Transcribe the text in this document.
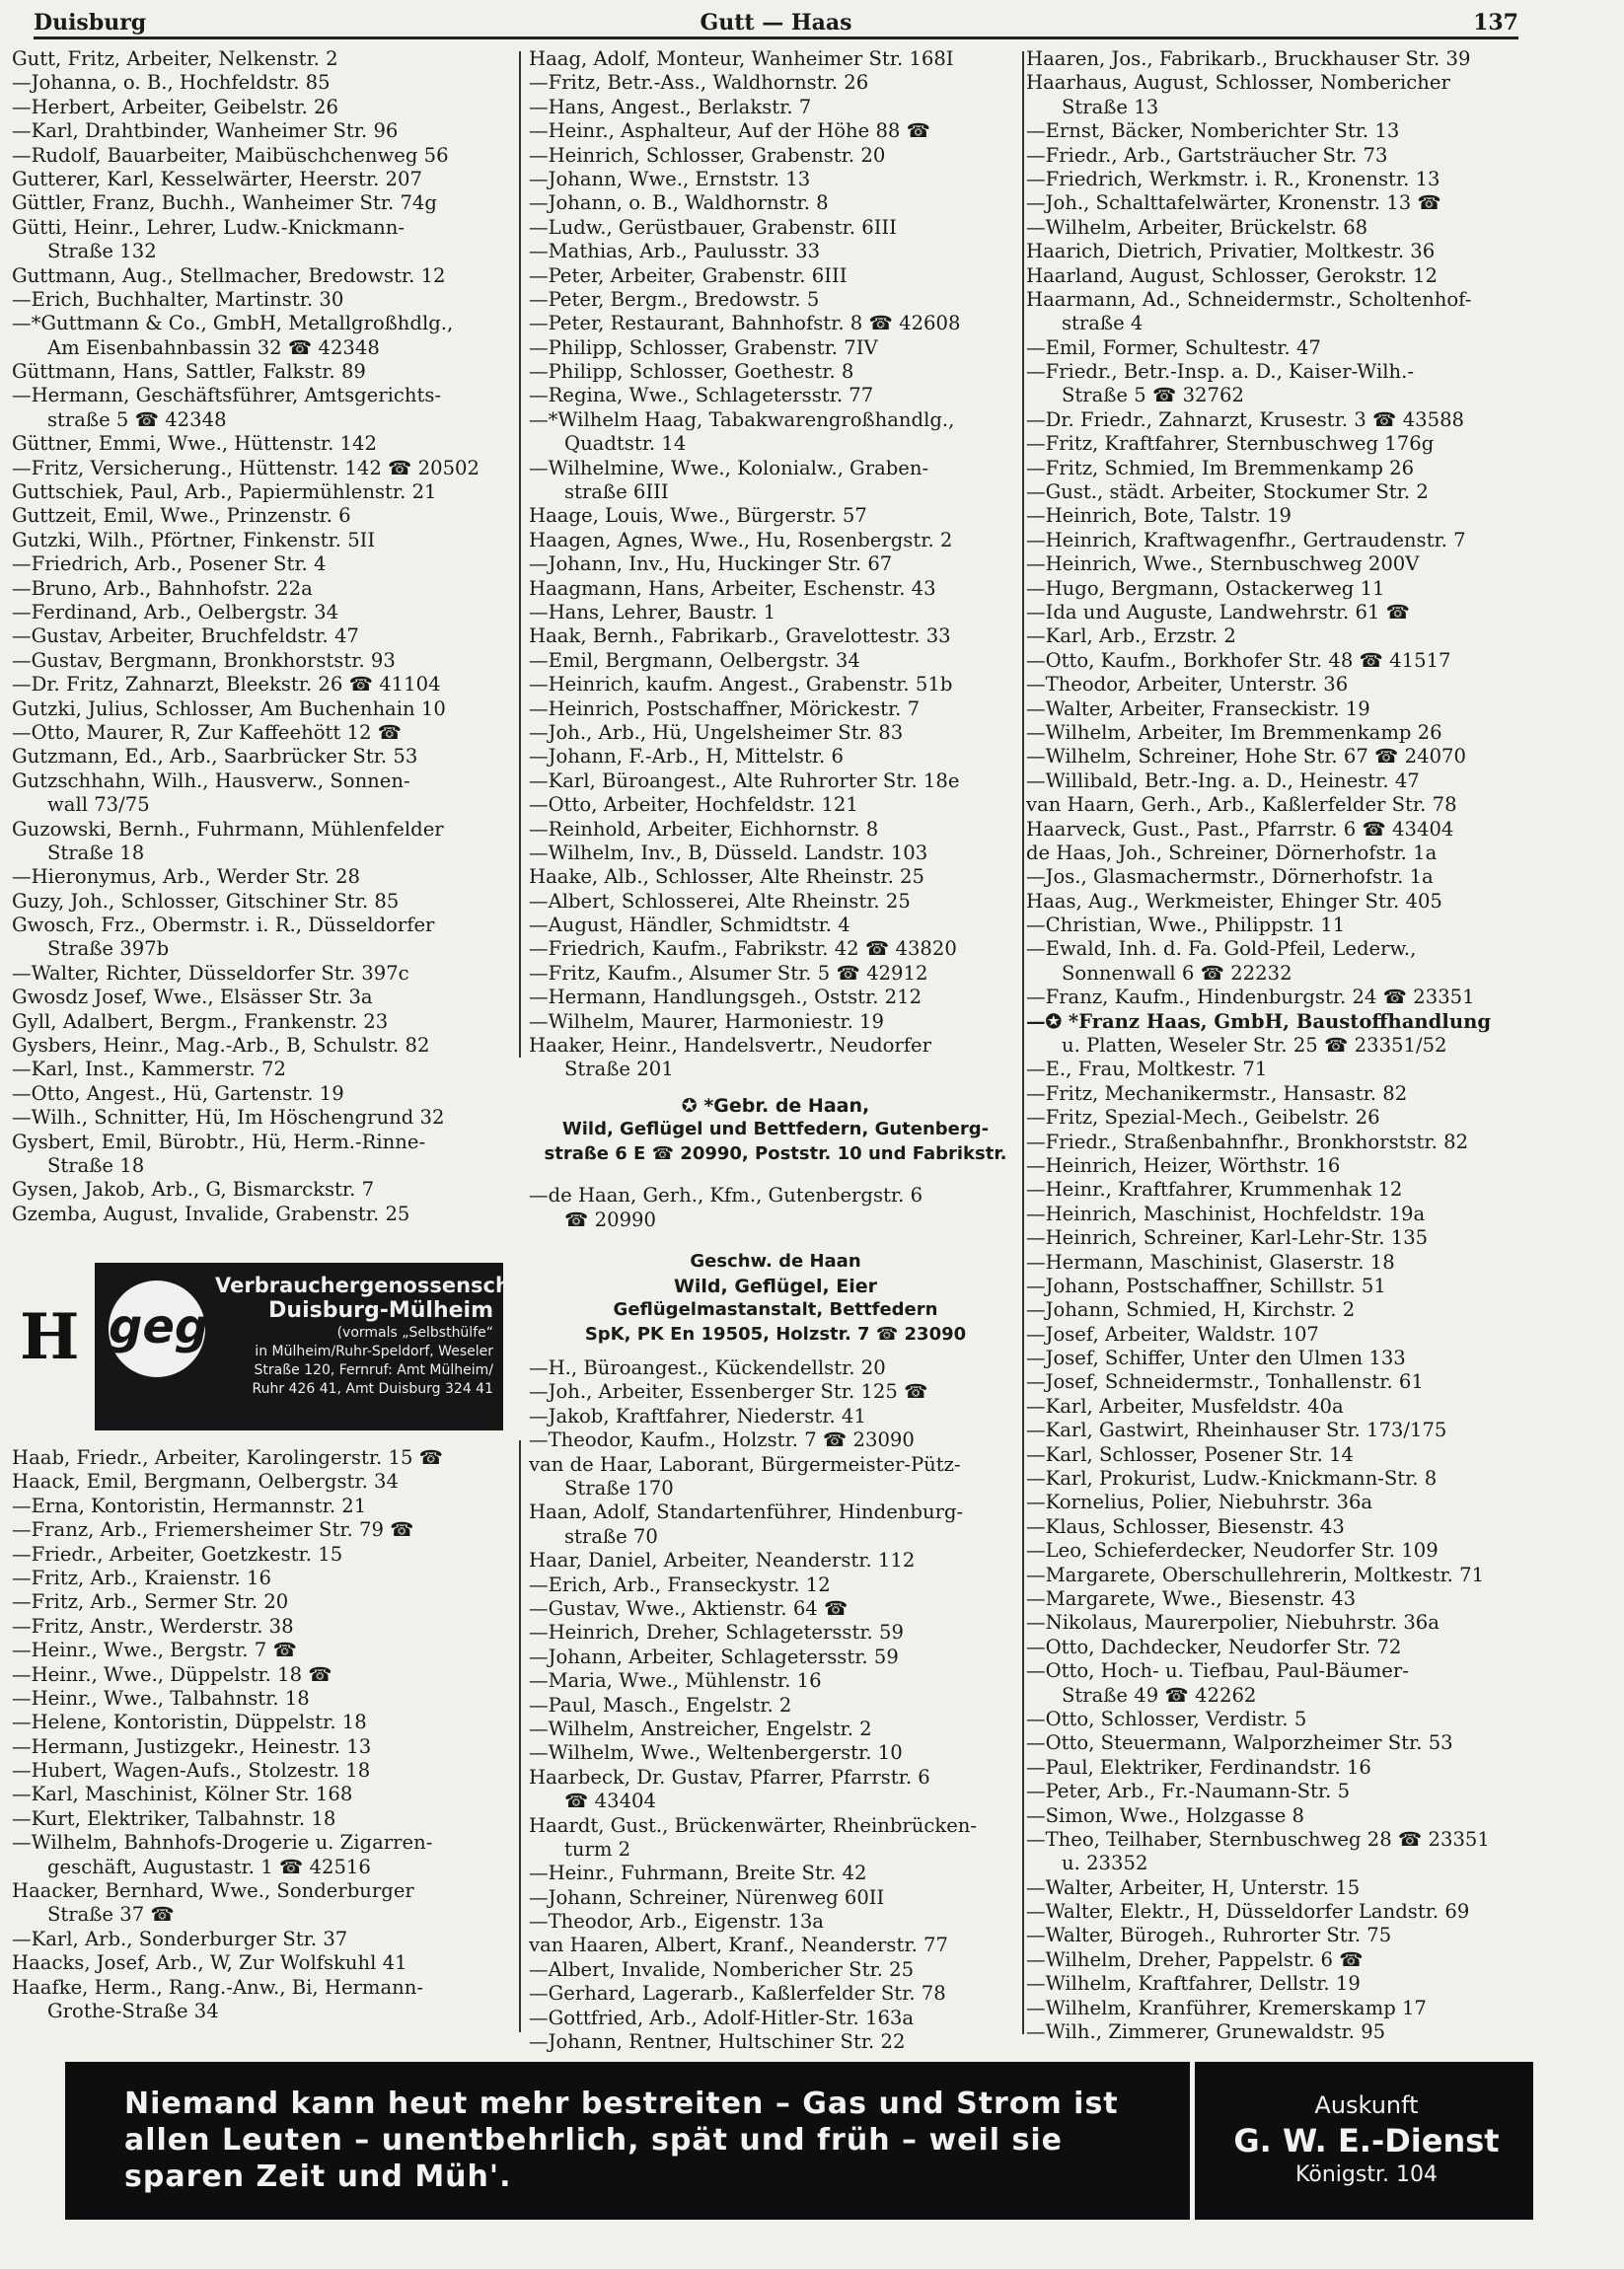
Duisburg	Gutt — Haas	137
Gutt, Fritz, Arbeiter, Nelkenstr. 2
—Johanna, o. B., Hochfeldstr. 85
—Herbert, Arbeiter, Geibelstr. 26
—Karl, Drahtbinder, Wanheimer Str. 96
—Rudolf, Bauarbeiter, Maibüschchenweg 56
Gutterer, Karl, Kesselwärter, Heerstr. 207
Güttler, Franz, Buchh., Wanheimer Str. 74g
Gütti, Heinr., Lehrer, Ludw.-Knickmann-
Straße 132
Guttmann, Aug., Stellmacher, Bredowstr. 12
—Erich, Buchhalter, Martinstr. 30
—*Guttmann & Co., GmbH, Metallgroßhdlg.,
Am Eisenbahnbassin 32 ☎ 42348
Güttmann, Hans, Sattler, Falkstr. 89
—Hermann, Geschäftsführer, Amtsgerichts-
straße 5 ☎ 42348
Güttner, Emmi, Wwe., Hüttenstr. 142
—Fritz, Versicherung., Hüttenstr. 142 ☎ 20502
Guttschiek, Paul, Arb., Papiermühlenstr. 21
Guttzeit, Emil, Wwe., Prinzenstr. 6
Gutzki, Wilh., Pförtner, Finkenstr. 5II
—Friedrich, Arb., Posener Str. 4
—Bruno, Arb., Bahnhofstr. 22a
—Ferdinand, Arb., Oelbergstr. 34
—Gustav, Arbeiter, Bruchfeldstr. 47
—Gustav, Bergmann, Bronkhorststr. 93
—Dr. Fritz, Zahnarzt, Bleekstr. 26 ☎ 41104
Gutzki, Julius, Schlosser, Am Buchenhain 10
—Otto, Maurer, R, Zur Kaffeehött 12 ☎
Gutzmann, Ed., Arb., Saarbrücker Str. 53
Gutzschhahn, Wilh., Hausverw., Sonnen-
wall 73/75
Guzowski, Bernh., Fuhrmann, Mühlenfelder
Straße 18
—Hieronymus, Arb., Werder Str. 28
Guzy, Joh., Schlosser, Gitschiner Str. 85
Gwosch, Frz., Obermstr. i. R., Düsseldorfer
Straße 397b
—Walter, Richter, Düsseldorfer Str. 397c
Gwosdz Josef, Wwe., Elsässer Str. 3a
Gyll, Adalbert, Bergm., Frankenstr. 23
Gysbers, Heinr., Mag.-Arb., B, Schulstr. 82
—Karl, Inst., Kammerstr. 72
—Otto, Angest., Hü, Gartenstr. 19
—Wilh., Schnitter, Hü, Im Höschengrund 32
Gysbert, Emil, Bürobtr., Hü, Herm.-Rinne-
Straße 18
Gysen, Jakob, Arb., G, Bismarckstr. 7
Gzemba, August, Invalide, Grabenstr. 25
H geg
Verbrauchergenossenschaft
Duisburg-Mülheim
(vormals „Selbsthülfe“
in Mülheim/Ruhr-Speldorf, Weseler
Straße 120, Fernruf: Amt Mülheim/
Ruhr 426 41, Amt Duisburg 324 41
Haab, Friedr., Arbeiter, Karolingerstr. 15 ☎
Haack, Emil, Bergmann, Oelbergstr. 34
—Erna, Kontoristin, Hermannstr. 21
—Franz, Arb., Friemersheimer Str. 79 ☎
—Friedr., Arbeiter, Goetzkestr. 15
—Fritz, Arb., Kraienstr. 16
—Fritz, Arb., Sermer Str. 20
—Fritz, Anstr., Werderstr. 38
—Heinr., Wwe., Bergstr. 7 ☎
—Heinr., Wwe., Düppelstr. 18 ☎
—Heinr., Wwe., Talbahnstr. 18
—Helene, Kontoristin, Düppelstr. 18
—Hermann, Justizgekr., Heinestr. 13
—Hubert, Wagen-Aufs., Stolzestr. 18
—Karl, Maschinist, Kölner Str. 168
—Kurt, Elektriker, Talbahnstr. 18
—Wilhelm, Bahnhofs-Drogerie u. Zigarren-
geschäft, Augustastr. 1 ☎ 42516
Haacker, Bernhard, Wwe., Sonderburger
Straße 37 ☎
—Karl, Arb., Sonderburger Str. 37
Haacks, Josef, Arb., W, Zur Wolfskuhl 41
Haafke, Herm., Rang.-Anw., Bi, Hermann-
Grothe-Straße 34
Haag, Adolf, Monteur, Wanheimer Str. 168I
—Fritz, Betr.-Ass., Waldhornstr. 26
—Hans, Angest., Berlakstr. 7
—Heinr., Asphalteur, Auf der Höhe 88 ☎
—Heinrich, Schlosser, Grabenstr. 20
—Johann, Wwe., Ernststr. 13
—Johann, o. B., Waldhornstr. 8
—Ludw., Gerüstbauer, Grabenstr. 6III
—Mathias, Arb., Paulusstr. 33
—Peter, Arbeiter, Grabenstr. 6III
—Peter, Bergm., Bredowstr. 5
—Peter, Restaurant, Bahnhofstr. 8 ☎ 42608
—Philipp, Schlosser, Grabenstr. 7IV
—Philipp, Schlosser, Goethestr. 8
—Regina, Wwe., Schlagetersstr. 77
—*Wilhelm Haag, Tabakwarengroßhandlg.,
Quadtstr. 14
—Wilhelmine, Wwe., Kolonialw., Graben-
straße 6III
Haage, Louis, Wwe., Bürgerstr. 57
Haagen, Agnes, Wwe., Hu, Rosenbergstr. 2
—Johann, Inv., Hu, Huckinger Str. 67
Haagmann, Hans, Arbeiter, Eschenstr. 43
—Hans, Lehrer, Baustr. 1
Haak, Bernh., Fabrikarb., Gravelottestr. 33
—Emil, Bergmann, Oelbergstr. 34
—Heinrich, kaufm. Angest., Grabenstr. 51b
—Heinrich, Postschaffner, Mörickestr. 7
—Joh., Arb., Hü, Ungelsheimer Str. 83
—Johann, F.-Arb., H, Mittelstr. 6
—Karl, Büroangest., Alte Ruhrorter Str. 18e
—Otto, Arbeiter, Hochfeldstr. 121
—Reinhold, Arbeiter, Eichhornstr. 8
—Wilhelm, Inv., B, Düsseld. Landstr. 103
Haake, Alb., Schlosser, Alte Rheinstr. 25
—Albert, Schlosserei, Alte Rheinstr. 25
—August, Händler, Schmidtstr. 4
—Friedrich, Kaufm., Fabrikstr. 42 ☎ 43820
—Fritz, Kaufm., Alsumer Str. 5 ☎ 42912
—Hermann, Handlungsgeh., Oststr. 212
—Wilhelm, Maurer, Harmoniestr. 19
Haaker, Heinr., Handelsvertr., Neudorfer
Straße 201
✪ *Gebr. de Haan,
Wild, Geflügel und Bettfedern, Gutenberg-
straße 6 E ☎ 20990, Poststr. 10 und Fabrikstr.
—de Haan, Gerh., Kfm., Gutenbergstr. 6
☎ 20990
Geschw. de Haan
Wild, Geflügel, Eier
Geflügelmastanstalt, Bettfedern
SpK, PK En 19505, Holzstr. 7 ☎ 23090
—H., Büroangest., Kückendellstr. 20
—Joh., Arbeiter, Essenberger Str. 125 ☎
—Jakob, Kraftfahrer, Niederstr. 41
—Theodor, Kaufm., Holzstr. 7 ☎ 23090
van de Haar, Laborant, Bürgermeister-Pütz-
Straße 170
Haan, Adolf, Standartenführer, Hindenburg-
straße 70
Haar, Daniel, Arbeiter, Neanderstr. 112
—Erich, Arb., Franseckystr. 12
—Gustav, Wwe., Aktienstr. 64 ☎
—Heinrich, Dreher, Schlagetersstr. 59
—Johann, Arbeiter, Schlagetersstr. 59
—Maria, Wwe., Mühlenstr. 16
—Paul, Masch., Engelstr. 2
—Wilhelm, Anstreicher, Engelstr. 2
—Wilhelm, Wwe., Weltenbergerstr. 10
Haarbeck, Dr. Gustav, Pfarrer, Pfarrstr. 6
☎ 43404
Haardt, Gust., Brückenwärter, Rheinbrücken-
turm 2
—Heinr., Fuhrmann, Breite Str. 42
—Johann, Schreiner, Nürenweg 60II
—Theodor, Arb., Eigenstr. 13a
van Haaren, Albert, Kranf., Neanderstr. 77
—Albert, Invalide, Nombericher Str. 25
—Gerhard, Lagerarb., Kaßlerfelder Str. 78
—Gottfried, Arb., Adolf-Hitler-Str. 163a
—Johann, Rentner, Hultschiner Str. 22
Haaren, Jos., Fabrikarb., Bruckhauser Str. 39
Haarhaus, August, Schlosser, Nombericher
Straße 13
—Ernst, Bäcker, Nomberichter Str. 13
—Friedr., Arb., Gartsträucher Str. 73
—Friedrich, Werkmstr. i. R., Kronenstr. 13
—Joh., Schalttafelwärter, Kronenstr. 13 ☎
—Wilhelm, Arbeiter, Brückelstr. 68
Haarich, Dietrich, Privatier, Moltkestr. 36
Haarland, August, Schlosser, Gerokstr. 12
Haarmann, Ad., Schneidermstr., Scholtenhof-
straße 4
—Emil, Former, Schultestr. 47
—Friedr., Betr.-Insp. a. D., Kaiser-Wilh.-
Straße 5 ☎ 32762
—Dr. Friedr., Zahnarzt, Krusestr. 3 ☎ 43588
—Fritz, Kraftfahrer, Sternbuschweg 176g
—Fritz, Schmied, Im Bremmenkamp 26
—Gust., städt. Arbeiter, Stockumer Str. 2
—Heinrich, Bote, Talstr. 19
—Heinrich, Kraftwagenfhr., Gertraudenstr. 7
—Heinrich, Wwe., Sternbuschweg 200V
—Hugo, Bergmann, Ostackerweg 11
—Ida und Auguste, Landwehrstr. 61 ☎
—Karl, Arb., Erzstr. 2
—Otto, Kaufm., Borkhofer Str. 48 ☎ 41517
—Theodor, Arbeiter, Unterstr. 36
—Walter, Arbeiter, Franseckistr. 19
—Wilhelm, Arbeiter, Im Bremmenkamp 26
—Wilhelm, Schreiner, Hohe Str. 67 ☎ 24070
—Willibald, Betr.-Ing. a. D., Heinestr. 47
van Haarn, Gerh., Arb., Kaßlerfelder Str. 78
Haarveck, Gust., Past., Pfarrstr. 6 ☎ 43404
de Haas, Joh., Schreiner, Dörnerhofstr. 1a
—Jos., Glasmachermstr., Dörnerhofstr. 1a
Haas, Aug., Werkmeister, Ehinger Str. 405
—Christian, Wwe., Philippstr. 11
—Ewald, Inh. d. Fa. Gold-Pfeil, Lederw.,
Sonnenwall 6 ☎ 22232
—Franz, Kaufm., Hindenburgstr. 24 ☎ 23351
—✪ *Franz Haas, GmbH, Baustoffhandlung
u. Platten, Weseler Str. 25 ☎ 23351/52
—E., Frau, Moltkestr. 71
—Fritz, Mechanikermstr., Hansastr. 82
—Fritz, Spezial-Mech., Geibelstr. 26
—Friedr., Straßenbahnfhr., Bronkhorststr. 82
—Heinrich, Heizer, Wörthstr. 16
—Heinr., Kraftfahrer, Krummenhak 12
—Heinrich, Maschinist, Hochfeldstr. 19a
—Heinrich, Schreiner, Karl-Lehr-Str. 135
—Hermann, Maschinist, Glaserstr. 18
—Johann, Postschaffner, Schillstr. 51
—Johann, Schmied, H, Kirchstr. 2
—Josef, Arbeiter, Waldstr. 107
—Josef, Schiffer, Unter den Ulmen 133
—Josef, Schneidermstr., Tonhallenstr. 61
—Karl, Arbeiter, Musfeldstr. 40a
—Karl, Gastwirt, Rheinhauser Str. 173/175
—Karl, Schlosser, Posener Str. 14
—Karl, Prokurist, Ludw.-Knickmann-Str. 8
—Kornelius, Polier, Niebuhrstr. 36a
—Klaus, Schlosser, Biesenstr. 43
—Leo, Schieferdecker, Neudorfer Str. 109
—Margarete, Oberschullehrerin, Moltkestr. 71
—Margarete, Wwe., Biesenstr. 43
—Nikolaus, Maurerpolier, Niebuhrstr. 36a
—Otto, Dachdecker, Neudorfer Str. 72
—Otto, Hoch- u. Tiefbau, Paul-Bäumer-
Straße 49 ☎ 42262
—Otto, Schlosser, Verdistr. 5
—Otto, Steuermann, Walporzheimer Str. 53
—Paul, Elektriker, Ferdinandstr. 16
—Peter, Arb., Fr.-Naumann-Str. 5
—Simon, Wwe., Holzgasse 8
—Theo, Teilhaber, Sternbuschweg 28 ☎ 23351
u. 23352
—Walter, Arbeiter, H, Unterstr. 15
—Walter, Elektr., H, Düsseldorfer Landstr. 69
—Walter, Bürogeh., Ruhrorter Str. 75
—Wilhelm, Dreher, Pappelstr. 6 ☎
—Wilhelm, Kraftfahrer, Dellstr. 19
—Wilhelm, Kranführer, Kremerskamp 17
—Wilh., Zimmerer, Grunewaldstr. 95
Niemand kann heut mehr bestreiten – Gas und Strom ist
allen Leuten – unentbehrlich, spät und früh – weil sie
sparen Zeit und Müh'.
Auskunft
G. W. E.-Dienst
Königstr. 104
